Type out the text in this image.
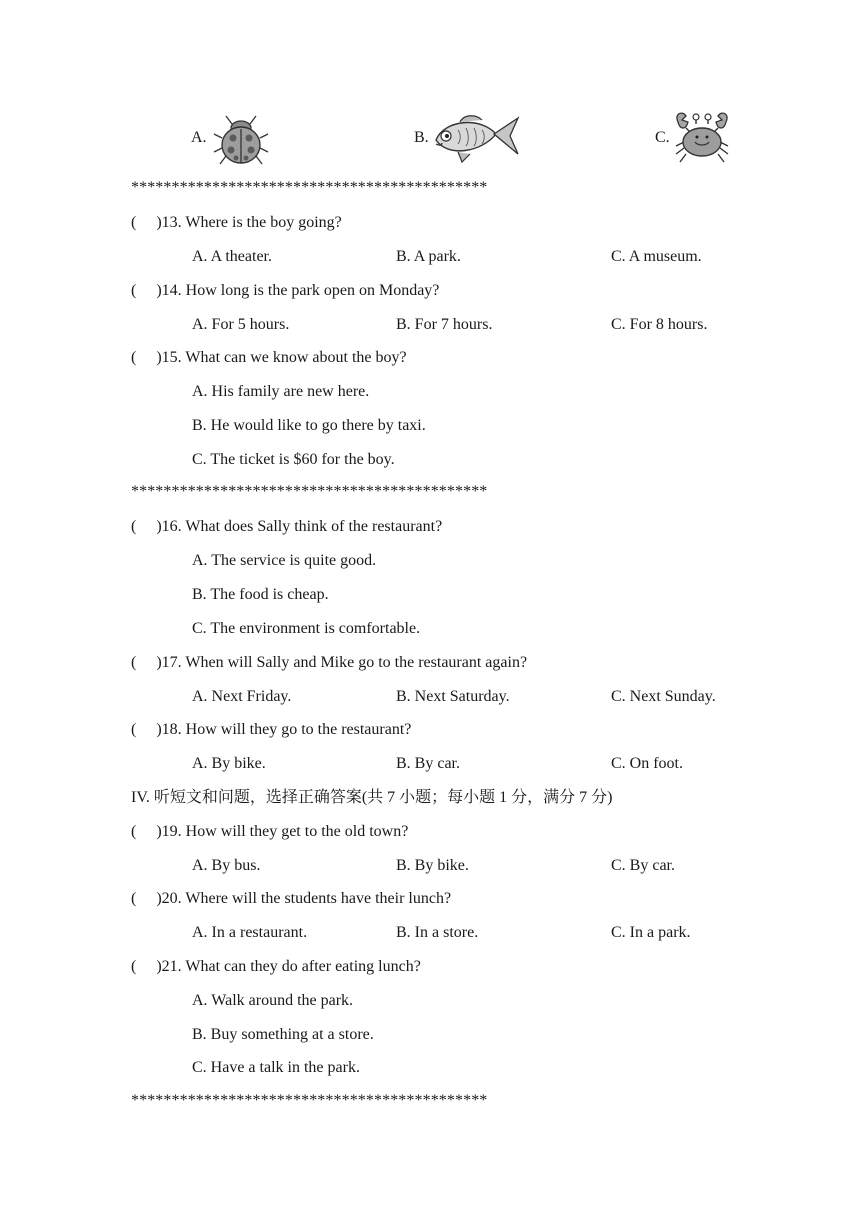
A.	B.	C.
********************************************
(　 )13. Where is the boy going?
A. A theater.	B. A park.	C. A museum.
(　 )14. How long is the park open on Monday?
A. For 5 hours.	B. For 7 hours.	C. For 8 hours.
(　 )15. What can we know about the boy?
A. His family are new here.
B. He would like to go there by taxi.
C. The ticket is $60 for the boy.
********************************************
(　 )16. What does Sally think of the restaurant?
A. The service is quite good.
B. The food is cheap.
C. The environment is comfortable.
(　 )17. When will Sally and Mike go to the restaurant again?
A. Next Friday.	B. Next Saturday.	C. Next Sunday.
(　 )18. How will they go to the restaurant?
A. By bike.	B. By car.	C. On foot.
IV. 听短文和问题，选择正确答案(共 7 小题；每小题 1 分，满分 7 分)
(　 )19. How will they get to the old town?
A. By bus.	B. By bike.	C. By car.
(　 )20. Where will the students have their lunch?
A. In a restaurant.	B. In a store.	C. In a park.
(　 )21. What can they do after eating lunch?
A. Walk around the park.
B. Buy something at a store.
C. Have a talk in the park.
********************************************
